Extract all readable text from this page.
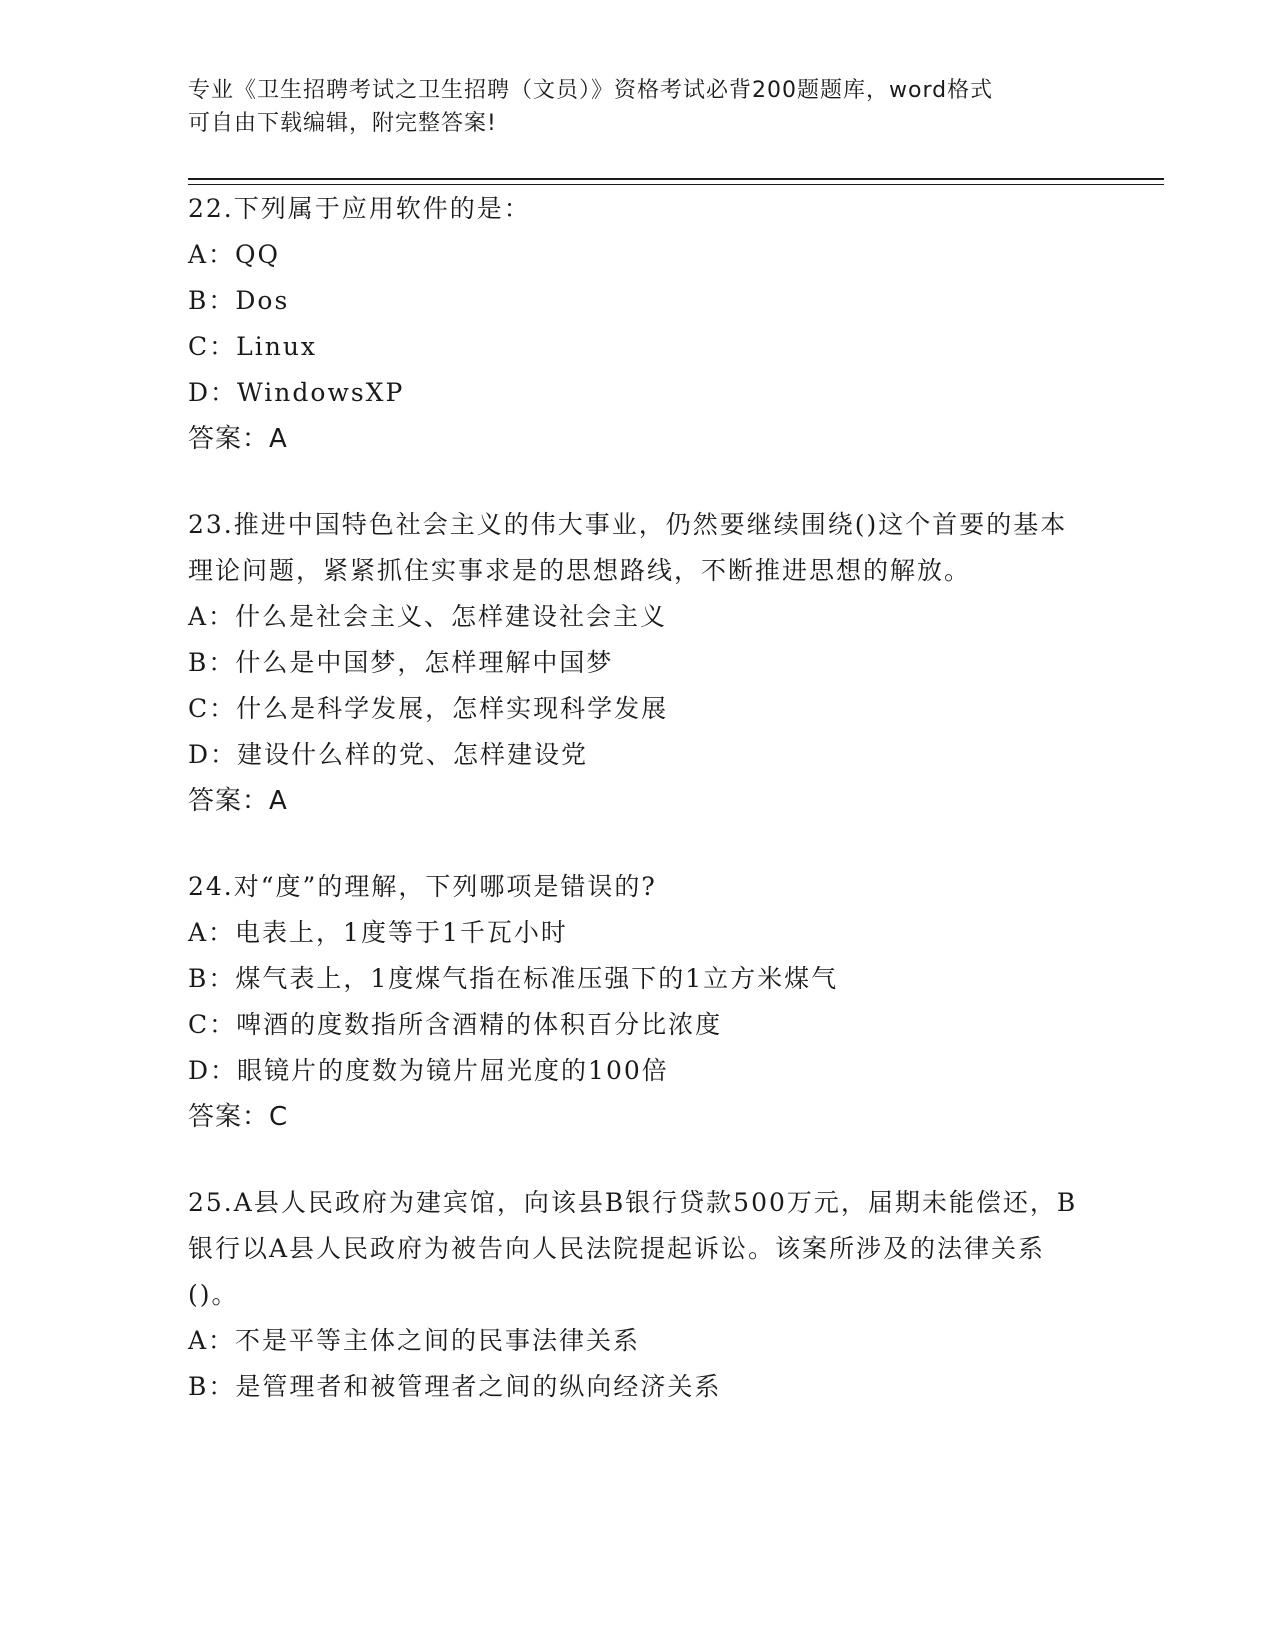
专业《卫生招聘考试之卫生招聘（文员）》资格考试必背200题题库，word格式
可自由下载编辑，附完整答案!
22.下列属于应用软件的是：
A：QQ
B：Dos
C：Linux
D：WindowsXP
答案：A
23.推进中国特色社会主义的伟大事业，仍然要继续围绕()这个首要的基本理论问题，紧紧抓住实事求是的思想路线，不断推进思想的解放。
A：什么是社会主义、怎样建设社会主义
B：什么是中国梦，怎样理解中国梦
C：什么是科学发展，怎样实现科学发展
D：建设什么样的党、怎样建设党
答案：A
24.对“度”的理解，下列哪项是错误的?
A：电表上，1度等于1千瓦小时
B：煤气表上，1度煤气指在标准压强下的1立方米煤气
C：啤酒的度数指所含酒精的体积百分比浓度
D：眼镜片的度数为镜片屈光度的100倍
答案：C
25.A县人民政府为建宾馆，向该县B银行贷款500万元，届期未能偿还，B银行以A县人民政府为被告向人民法院提起诉讼。该案所涉及的法律关系()。
A：不是平等主体之间的民事法律关系
B：是管理者和被管理者之间的纵向经济关系
